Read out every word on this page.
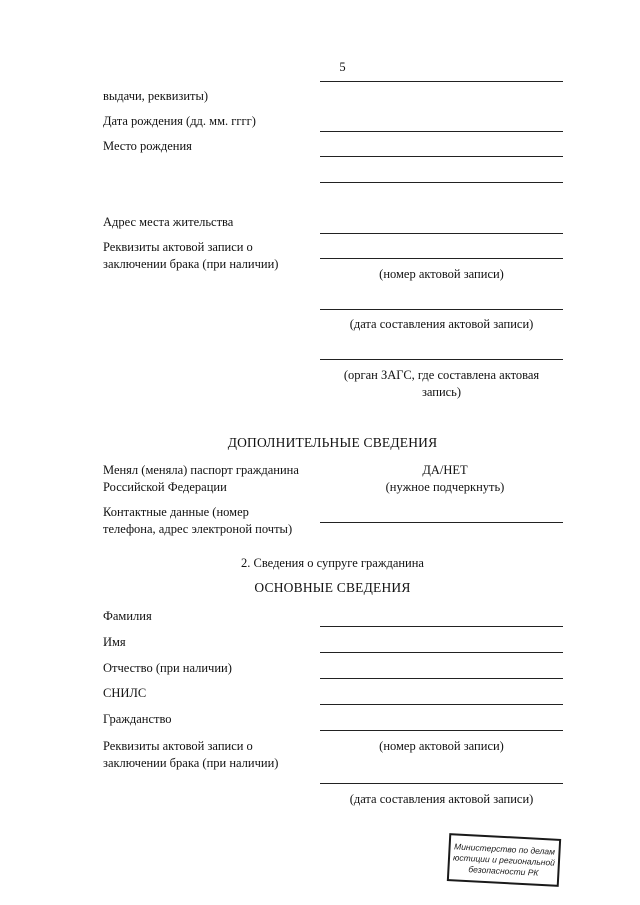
5
выдачи, реквизиты)
Дата рождения (дд. мм. гггг)
Место рождения
Адрес места жительства
Реквизиты актовой записи о
заключении брака (при наличии)
(номер актовой записи)
(дата составления актовой записи)
(орган ЗАГС, где составлена актовая
запись)
ДОПОЛНИТЕЛЬНЫЕ СВЕДЕНИЯ
Менял (меняла) паспорт гражданина
Российской Федерации
ДА/НЕТ
(нужное подчеркнуть)
Контактные данные (номер
телефона, адрес электроной почты)
2. Сведения о супруге гражданина
ОСНОВНЫЕ СВЕДЕНИЯ
Фамилия
Имя
Отчество (при наличии)
СНИЛС
Гражданство
Реквизиты актовой записи о
заключении брака (при наличии)
(номер актовой записи)
(дата составления актовой записи)
Министерство по делам
юстиции и региональной
безопасности РК
